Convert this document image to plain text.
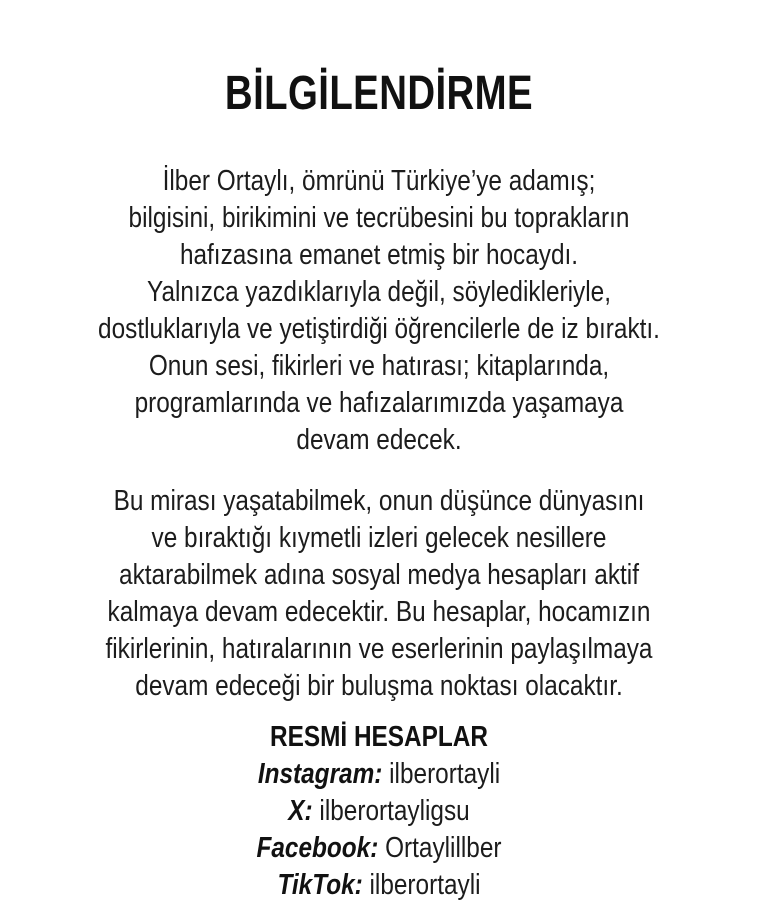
BİLGİLENDİRME
İlber Ortaylı, ömrünü Türkiye’ye adamış;
bilgisini, birikimini ve tecrübesini bu toprakların
hafızasına emanet etmiş bir hocaydı.
Yalnızca yazdıklarıyla değil, söyledikleriyle,
dostluklarıyla ve yetiştirdiği öğrencilerle de iz bıraktı.
Onun sesi, fikirleri ve hatırası; kitaplarında,
programlarında ve hafızalarımızda yaşamaya
devam edecek.
Bu mirası yaşatabilmek, onun düşünce dünyasını
ve bıraktığı kıymetli izleri gelecek nesillere
aktarabilmek adına sosyal medya hesapları aktif
kalmaya devam edecektir. Bu hesaplar, hocamızın
fikirlerinin, hatıralarının ve eserlerinin paylaşılmaya
devam edeceği bir buluşma noktası olacaktır.
RESMİ HESAPLAR
Instagram: ilberortayli
X: ilberortayligsu
Facebook: Ortaylillber
TikTok: ilberortayli
